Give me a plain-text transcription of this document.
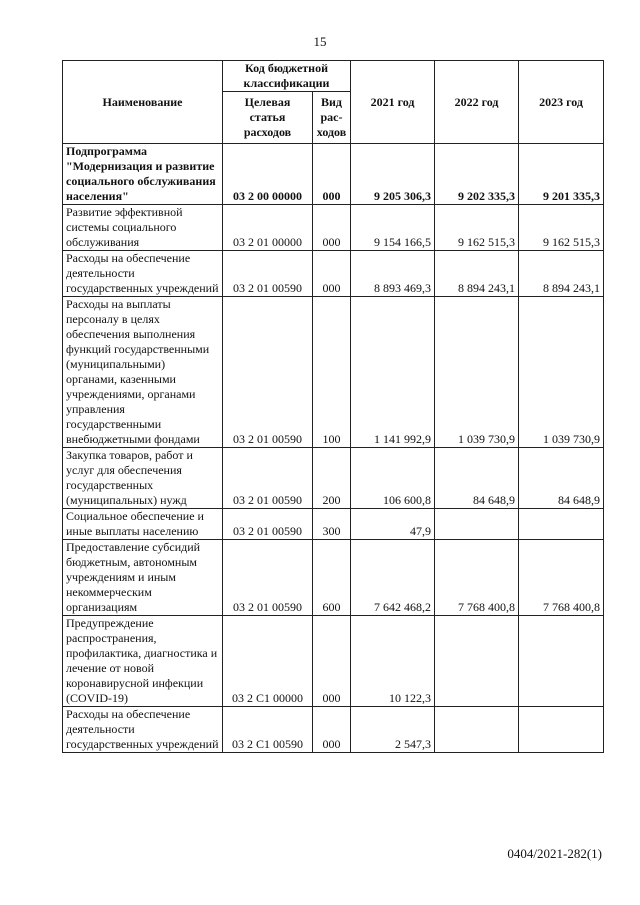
15
Наименование	Код бюджетной классификации		2021 год	2022 год	2023 год
	Целевая статья расходов	Вид рас-ходов			
Подпрограмма "Модернизация и развитие социального обслуживания населения"	03 2 00 00000	000	9 205 306,3	9 202 335,3	9 201 335,3
Развитие эффективной системы социального обслуживания	03 2 01 00000	000	9 154 166,5	9 162 515,3	9 162 515,3
Расходы на обеспечение деятельности государственных учреждений	03 2 01 00590	000	8 893 469,3	8 894 243,1	8 894 243,1
Расходы на выплаты персоналу в целях обеспечения выполнения функций государственными (муниципальными) органами, казенными учреждениями, органами управления государственными внебюджетными фондами	03 2 01 00590	100	1 141 992,9	1 039 730,9	1 039 730,9
Закупка товаров, работ и услуг для обеспечения государственных (муниципальных) нужд	03 2 01 00590	200	106 600,8	84 648,9	84 648,9
Социальное обеспечение и иные выплаты населению	03 2 01 00590	300	47,9		
Предоставление субсидий бюджетным, автономным учреждениям и иным некоммерческим организациям	03 2 01 00590	600	7 642 468,2	7 768 400,8	7 768 400,8
Предупреждение распространения, профилактика, диагностика и лечение от новой коронавирусной инфекции (COVID-19)	03 2 C1 00000	000	10 122,3		
Расходы на обеспечение деятельности государственных учреждений	03 2 C1 00590	000	2 547,3		
0404/2021-282(1)
